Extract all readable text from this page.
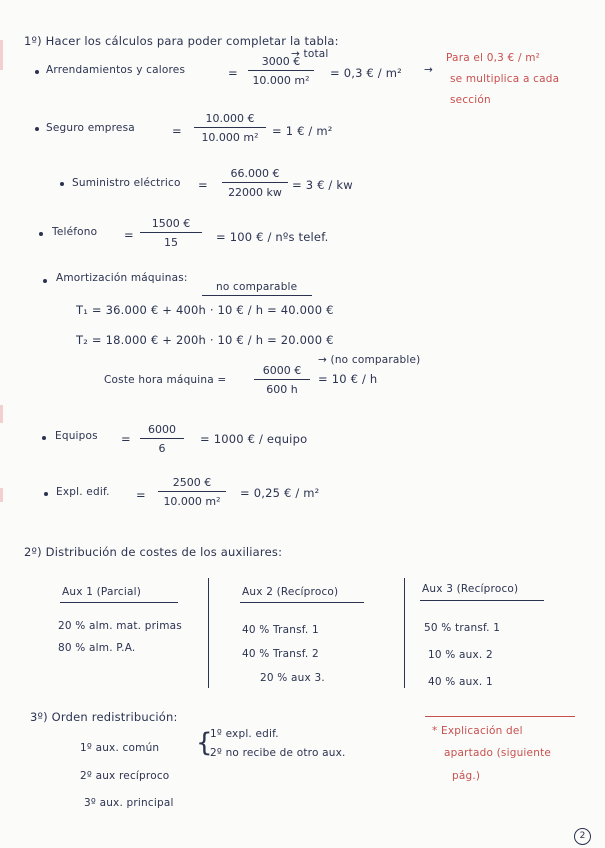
1º) Hacer los cálculos para poder completar la tabla:
Arrendamientos y calores	=
3000 €
10.000 m²
→ total
= 0,3 € / m² →
Para el 0,3 € / m²
se multiplica a cada
sección
Seguro empresa	=
10.000 €
10.000 m²	= 1 € / m²
Suministro eléctrico =
66.000 €
22000 kw
= 3 € / kw
Teléfono =
1500 €
15	= 100 € / nºs telef.
Amortización máquinas:
no comparable
T₁ = 36.000 € + 400h · 10 € / h = 40.000 €
T₂ = 18.000 € + 200h · 10 € / h = 20.000 €
Coste hora máquina =
6000 €
600 h
= 10 € / h
→ (no comparable)
Equipos =
6000
6
= 1000 € / equipo
Expl. edif. =
2500 €
10.000 m²
= 0,25 € / m²
2º) Distribución de costes de los auxiliares:
Aux 1 (Parcial)
20 % alm. mat. primas
80 % alm. P.A.
Aux 2 (Recíproco)
40 % Transf. 1
40 % Transf. 2
20 % aux 3.
Aux 3 (Recíproco)
50 % transf. 1
10 % aux. 2
40 % aux. 1
3º) Orden redistribución:
1º aux. común {
1º expl. edif.
2º no recibe de otro aux.
2º aux recíproco
3º aux. principal
* Explicación del
apartado (siguiente
pág.)
2
